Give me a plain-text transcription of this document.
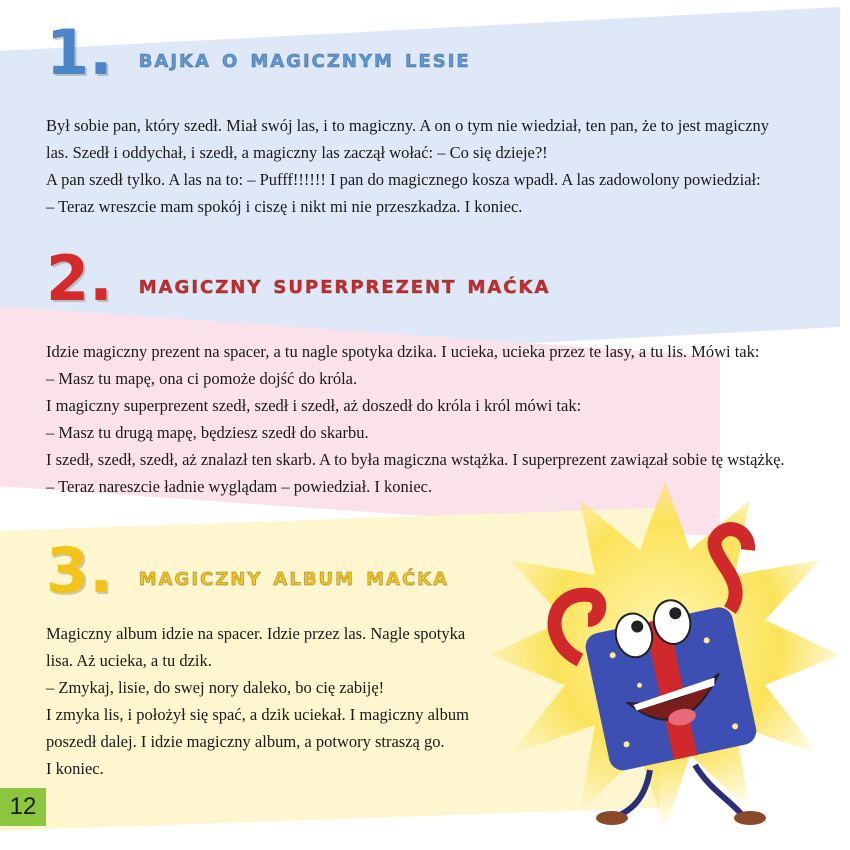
1. bajka o magicznym lesie

Był sobie pan, który szedł. Miał swój las, i to magiczny. A on o tym nie wiedział, ten pan, że to jest magiczny

las. Szedł i oddychał, i szedł, a magiczny las zaczął wołać: – Co się dzieje?!

A pan szedł tylko. A las na to: – Pufff!!!!!! I pan do magicznego kosza wpadł. A las zadowolony powiedział:

– Teraz wreszcie mam spokój i ciszę i nikt mi nie przeszkadza. I koniec.

2. magiczny superprezent maćka

Idzie magiczny prezent na spacer, a tu nagle spotyka dzika. I ucieka, ucieka przez te lasy, a tu lis. Mówi tak:

– Masz tu mapę, ona ci pomoże dojść do króla.

I magiczny superprezent szedł, szedł i szedł, aż doszedł do króla i król mówi tak:

– Masz tu drugą mapę, będziesz szedł do skarbu.

I szedł, szedł, szedł, aż znalazł ten skarb. A to była magiczna wstążka. I superprezent zawiązał sobie tę wstążkę.

– Teraz nareszcie ładnie wyglądam – powiedział. I koniec.

3. magiczny album maćka

Magiczny album idzie na spacer. Idzie przez las. Nagle spotyka

lisa. Aż ucieka, a tu dzik.

– Zmykaj, lisie, do swej nory daleko, bo cię zabiję!

I zmyka lis, i położył się spać, a dzik uciekał. I magiczny album

poszedł dalej. I idzie magiczny album, a potwory straszą go.

I koniec.

12
